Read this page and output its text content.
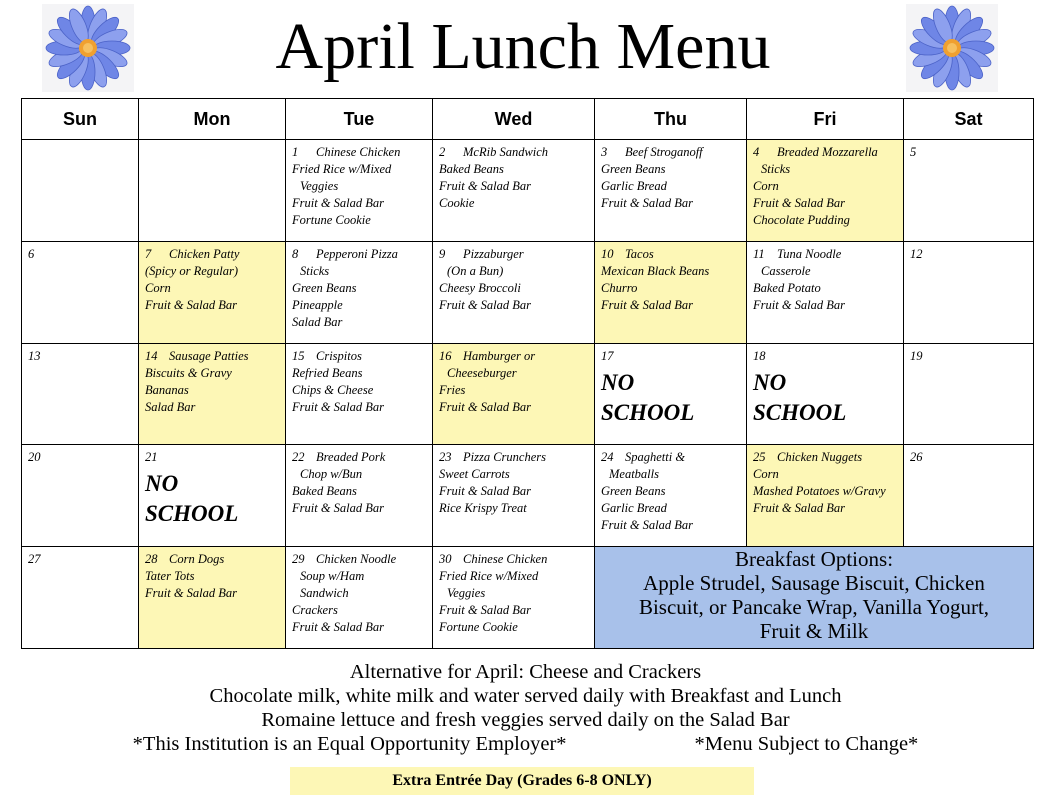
April Lunch Menu
Sun	Mon	Tue	Wed	Thu	Fri	Sat

		1 Chinese Chicken
Fried Rice w/Mixed
Veggies
Fruit & Salad Bar
Fortune Cookie	2 McRib Sandwich
Baked Beans
Fruit & Salad Bar
Cookie	3 Beef Stroganoff
Green Beans
Garlic Bread
Fruit & Salad Bar	4 Breaded Mozzarella
Sticks
Corn
Fruit & Salad Bar
Chocolate Pudding	5

6	7 Chicken Patty
(Spicy or Regular)
Corn
Fruit & Salad Bar	8 Pepperoni Pizza
Sticks
Green Beans
Pineapple
Salad Bar	9 Pizzaburger
(On a Bun)
Cheesy Broccoli
Fruit & Salad Bar	10 Tacos
Mexican Black Beans
Churro
Fruit & Salad Bar	11 Tuna Noodle
Casserole
Baked Potato
Fruit & Salad Bar	12

13	14 Sausage Patties
Biscuits & Gravy
Bananas
Salad Bar	15 Crispitos
Refried Beans
Chips & Cheese
Fruit & Salad Bar	16 Hamburger or
Cheeseburger
Fries
Fruit & Salad Bar	17
NO
SCHOOL	18
NO
SCHOOL	19

20	21
NO
SCHOOL	22 Breaded Pork
Chop w/Bun
Baked Beans
Fruit & Salad Bar	23 Pizza Crunchers
Sweet Carrots
Fruit & Salad Bar
Rice Krispy Treat	24 Spaghetti &
Meatballs
Green Beans
Garlic Bread
Fruit & Salad Bar	25 Chicken Nuggets
Corn
Mashed Potatoes w/Gravy
Fruit & Salad Bar	26

27	28 Corn Dogs
Tater Tots
Fruit & Salad Bar	29 Chicken Noodle
Soup w/Ham
Sandwich
Crackers
Fruit & Salad Bar	30 Chinese Chicken
Fried Rice w/Mixed
Veggies
Fruit & Salad Bar
Fortune Cookie	Breakfast Options:
Apple Strudel, Sausage Biscuit, Chicken
Biscuit, or Pancake Wrap, Vanilla Yogurt,
Fruit & Milk		
Alternative for April: Cheese and Crackers
Chocolate milk, white milk and water served daily with Breakfast and Lunch
Romaine lettuce and fresh veggies served daily on the Salad Bar
*This Institution is an Equal Opportunity Employer*	*Menu Subject to Change*
Extra Entrée Day (Grades 6-8 ONLY)
